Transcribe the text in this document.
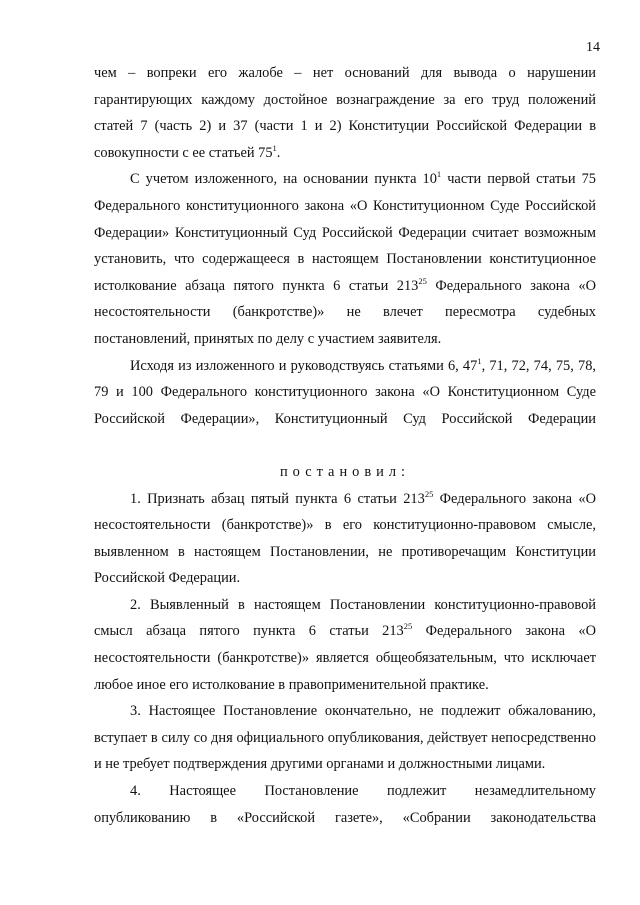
14

чем – вопреки его жалобе – нет оснований для вывода о нарушении гарантирующих каждому достойное вознаграждение за его труд положений статей 7 (часть 2) и 37 (части 1 и 2) Конституции Российской Федерации в совокупности с ее статьей $75^1$.

С учетом изложенного, на основании пункта $10^1$ части первой статьи 75 Федерального конституционного закона «О Конституционном Суде Российской Федерации» Конституционный Суд Российской Федерации считает возможным установить, что содержащееся в настоящем Постановлении конституционное истолкование абзаца пятого пункта 6 статьи $213^{25}$ Федерального закона «О несостоятельности (банкротстве)» не влечет пересмотра судебных постановлений, принятых по делу с участием заявителя.

Исходя из изложенного и руководствуясь статьями 6, $47^1$, 71, 72, 74, 75, 78, 79 и 100 Федерального конституционного закона «О Конституционном Суде Российской Федерации», Конституционный Суд Российской Федерации

постановил:

1. Признать абзац пятый пункта 6 статьи $213^{25}$ Федерального закона «О несостоятельности (банкротстве)» в его конституционно-правовом смысле, выявленном в настоящем Постановлении, не противоречащим Конституции Российской Федерации.

2. Выявленный в настоящем Постановлении конституционно-правовой смысл абзаца пятого пункта 6 статьи $213^{25}$ Федерального закона «О несостоятельности (банкротстве)» является общеобязательным, что исключает любое иное его истолкование в правоприменительной практике.

3. Настоящее Постановление окончательно, не подлежит обжалованию, вступает в силу со дня официального опубликования, действует непосредственно и не требует подтверждения другими органами и должностными лицами.

4. Настоящее Постановление подлежит незамедлительному опубликованию в «Российской газете», «Собрании законодательства
